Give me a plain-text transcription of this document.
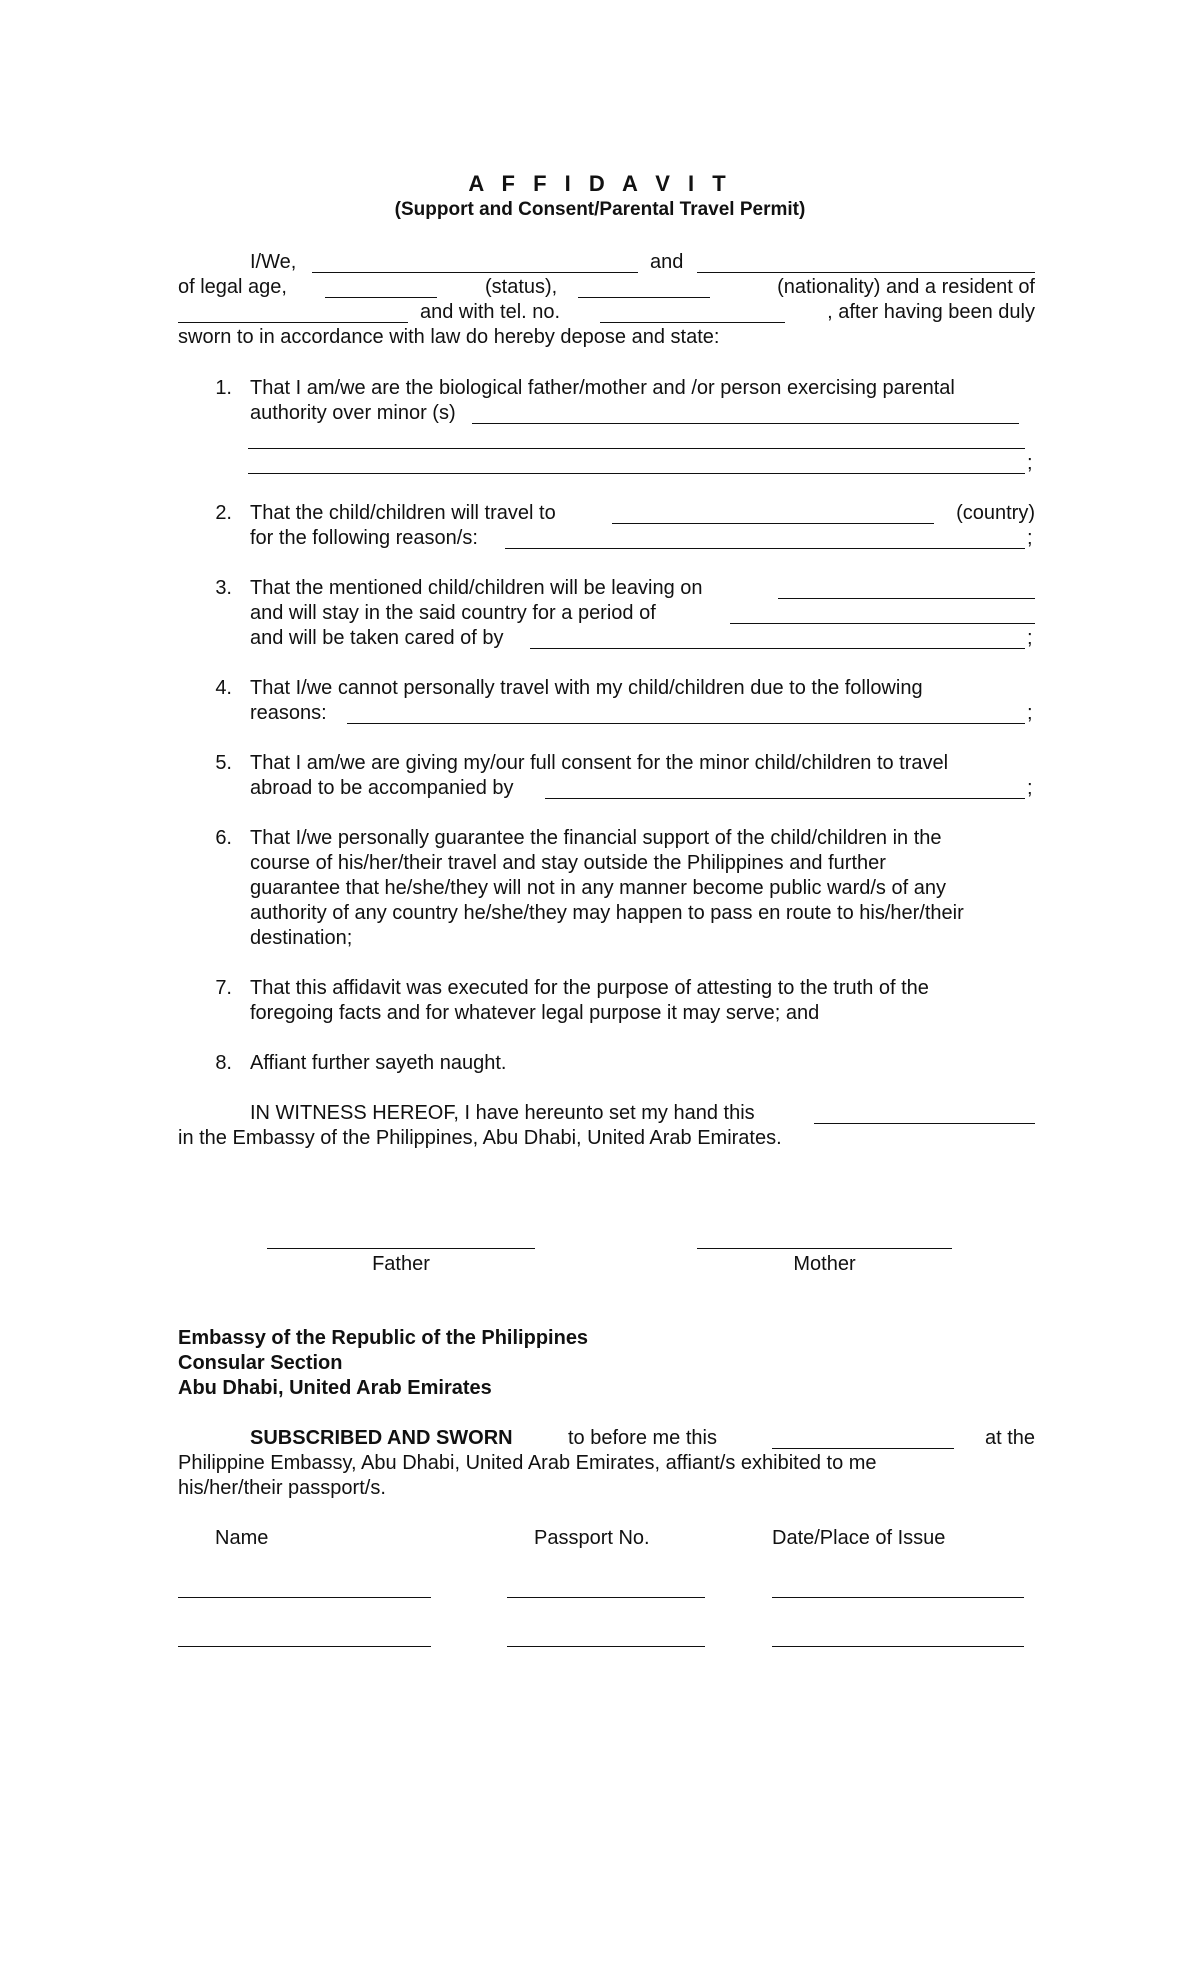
A F F I D A V I T
(Support and Consent/Parental Travel Permit)
I/We,	and
of legal age,	(status),	(nationality) and a resident of
and with tel. no.	, after having been duly
sworn to in accordance with law do hereby depose and state:
1. That I am/we are the biological father/mother and /or person exercising parental
authority over minor (s)
;
2. That the child/children will travel to	(country)
for the following reason/s:	;
3. That the mentioned child/children will be leaving on
and will stay in the said country for a period of
and will be taken cared of by	;
4. That I/we cannot personally travel with my child/children due to the following
reasons:	;
5. That I am/we are giving my/our full consent for the minor child/children to travel
abroad to be accompanied by	;
6. That I/we personally guarantee the financial support of the child/children in the
course of his/her/their travel and stay outside the Philippines and further
guarantee that he/she/they will not in any manner become public ward/s of any
authority of any country he/she/they may happen to pass en route to his/her/their
destination;
7. That this affidavit was executed for the purpose of attesting to the truth of the
foregoing facts and for whatever legal purpose it may serve; and
8. Affiant further sayeth naught.
IN WITNESS HEREOF, I have hereunto set my hand this
in the Embassy of the Philippines, Abu Dhabi, United Arab Emirates.
Father	Mother
Embassy of the Republic of the Philippines
Consular Section
Abu Dhabi, United Arab Emirates
SUBSCRIBED AND SWORN	to before me this	at the
Philippine Embassy, Abu Dhabi, United Arab Emirates, affiant/s exhibited to me
his/her/their passport/s.
Name	Passport No.	Date/Place of Issue
